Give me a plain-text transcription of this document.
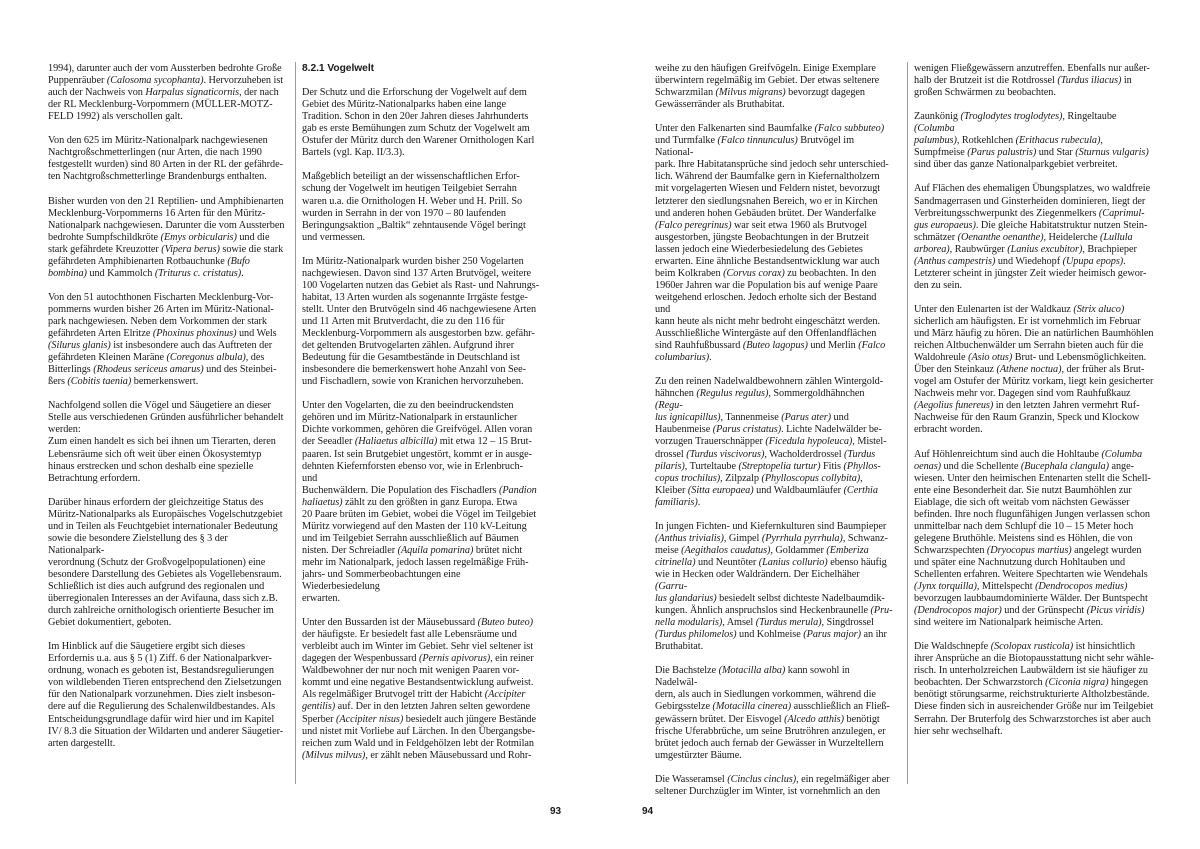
1994), darunter auch der vom Aussterben bedrohte Große
Puppenräuber (Calosoma sycophanta). Hervorzuheben ist
auch der Nachweis von Harpalus signaticornis, der nach
der RL Mecklenburg-Vorpommern (MÜLLER-MOTZ-
FELD 1992) als verschollen galt.

Von den 625 im Müritz-Nationalpark nachgewiesenen
Nachtgroßschmetterlingen (nur Arten, die nach 1990
festgestellt wurden) sind 80 Arten in der RL der gefährde-
ten Nachtgroßschmetterlinge Brandenburgs enthalten.

Bisher wurden von den 21 Reptilien- und Amphibienarten
Mecklenburg-Vorpommerns 16 Arten für den Müritz-
Nationalpark nachgewiesen. Darunter die vom Aussterben
bedrohte Sumpfschildkröte (Emys orbicularis) und die
stark gefährdete Kreuzotter (Vipera berus) sowie die stark
gefährdeten Amphibienarten Rotbauchunke (Bufo
bombina) und Kammolch (Triturus c. cristatus).

Von den 51 autochthonen Fischarten Mecklenburg-Vor-
pommerns wurden bisher 26 Arten im Müritz-National-
park nachgewiesen. Neben dem Vorkommen der stark
gefährdeten Arten Elritze (Phoxinus phoxinus) und Wels
(Silurus glanis) ist insbesondere auch das Auftreten der
gefährdeten Kleinen Maräne (Coregonus albula), des
Bitterlings (Rhodeus sericeus amarus) und des Steinbei-
ßers (Cobitis taenia) bemerkenswert.

Nachfolgend sollen die Vögel und Säugetiere an dieser
Stelle aus verschiedenen Gründen ausführlicher behandelt
werden:
Zum einen handelt es sich bei ihnen um Tierarten, deren
Lebensräume sich oft weit über einen Ökosystemtyp
hinaus erstrecken und schon deshalb eine spezielle
Betrachtung erfordern.

Darüber hinaus erfordern der gleichzeitige Status des
Müritz-Nationalparks als Europäisches Vogelschutzgebiet
und in Teilen als Feuchtgebiet internationaler Bedeutung
sowie die besondere Zielstellung des § 3 der Nationalpark-
verordnung (Schutz der Großvogelpopulationen) eine
besondere Darstellung des Gebietes als Vogellebensraum.
Schließlich ist dies auch aufgrund des regionalen und
überregionalen Interesses an der Avifauna, dass sich z.B.
durch zahlreiche ornithologisch orientierte Besucher im
Gebiet dokumentiert, geboten.

Im Hinblick auf die Säugetiere ergibt sich dieses
Erfordernis u.a. aus § 5 (1) Ziff. 6 der Nationalparkver-
ordnung, wonach es geboten ist, Bestandsregulierungen
von wildlebenden Tieren entsprechend den Zielsetzungen
für den Nationalpark vorzunehmen. Dies zielt insbeson-
dere auf die Regulierung des Schalenwildbestandes. Als
Entscheidungsgrundlage dafür wird hier und im Kapitel
IV/ 8.3 die Situation der Wildarten und anderer Säugetier-
arten dargestellt.

8.2.1 Vogelwelt

Der Schutz und die Erforschung der Vogelwelt auf dem
Gebiet des Müritz-Nationalparks haben eine lange
Tradition. Schon in den 20er Jahren dieses Jahrhunderts
gab es erste Bemühungen zum Schutz der Vogelwelt am
Ostufer der Müritz durch den Warener Ornithologen Karl
Bartels (vgl. Kap. II/3.3).

Maßgeblich beteiligt an der wissenschaftlichen Erfor-
schung der Vogelwelt im heutigen Teilgebiet Serrahn
waren u.a. die Ornithologen H. Weber und H. Prill. So
wurden in Serrahn in der von 1970 – 80 laufenden
Beringungsaktion „Baltik“ zehntausende Vögel beringt
und vermessen.

Im Müritz-Nationalpark wurden bisher 250 Vogelarten
nachgewiesen. Davon sind 137 Arten Brutvögel, weitere
100 Vogelarten nutzen das Gebiet als Rast- und Nahrungs-
habitat, 13 Arten wurden als sogenannte Irrgäste festge-
stellt. Unter den Brutvögeln sind 46 nachgewiesene Arten
und 11 Arten mit Brutverdacht, die zu den 116 für
Mecklenburg-Vorpommern als ausgestorben bzw. gefähr-
det geltenden Brutvogelarten zählen. Aufgrund ihrer
Bedeutung für die Gesamtbestände in Deutschland ist
insbesondere die bemerkenswert hohe Anzahl von See-
und Fischadlern, sowie von Kranichen hervorzuheben.

Unter den Vogelarten, die zu den beeindruckendsten
gehören und im Müritz-Nationalpark in erstaunlicher
Dichte vorkommen, gehören die Greifvögel. Allen voran
der Seeadler (Haliaetus albicilla) mit etwa 12 – 15 Brut-
paaren. Ist sein Brutgebiet ungestört, kommt er in ausge-
dehnten Kiefernforsten ebenso vor, wie in Erlenbruch- und
Buchenwäldern. Die Population des Fischadlers (Pandion
haliaetus) zählt zu den größten in ganz Europa. Etwa
20 Paare brüten im Gebiet, wobei die Vögel im Teilgebiet
Müritz vorwiegend auf den Masten der 110 kV-Leitung
und im Teilgebiet Serrahn ausschließlich auf Bäumen
nisten. Der Schreiadler (Aquila pomarina) brütet nicht
mehr im Nationalpark, jedoch lassen regelmäßige Früh-
jahrs- und Sommerbeobachtungen eine Wiederbesiedelung
erwarten.

Unter den Bussarden ist der Mäusebussard (Buteo buteo)
der häufigste. Er besiedelt fast alle Lebensräume und
verbleibt auch im Winter im Gebiet. Sehr viel seltener ist
dagegen der Wespenbussard (Pernis apivorus), ein reiner
Waldbewohner der nur noch mit wenigen Paaren vor-
kommt und eine negative Bestandsentwicklung aufweist.
Als regelmäßiger Brutvogel tritt der Habicht (Accipiter
gentilis) auf. Der in den letzten Jahren selten gewordene
Sperber (Accipiter nisus) besiedelt auch jüngere Bestände
und nistet mit Vorliebe auf Lärchen. In den Übergangsbe-
reichen zum Wald und in Feldgehölzen lebt der Rotmilan
(Milvus milvus), er zählt neben Mäusebussard und Rohr-

weihe zu den häufigen Greifvögeln. Einige Exemplare
überwintern regelmäßig im Gebiet. Der etwas seltenere
Schwarzmilan (Milvus migrans) bevorzugt dagegen
Gewässerränder als Bruthabitat.

Unter den Falkenarten sind Baumfalke (Falco subbuteo)
und Turmfalke (Falco tinnunculus) Brutvögel im National-
park. Ihre Habitatansprüche sind jedoch sehr unterschied-
lich. Während der Baumfalke gern in Kiefernaltholzern
mit vorgelagerten Wiesen und Feldern nistet, bevorzugt
letzterer den siedlungsnahen Bereich, wo er in Kirchen
und anderen hohen Gebäuden brütet. Der Wanderfalke
(Falco peregrinus) war seit etwa 1960 als Brutvogel
ausgestorben, jüngste Beobachtungen in der Brutzeit
lassen jedoch eine Wiederbesiedelung des Gebietes
erwarten. Eine ähnliche Bestandsentwicklung war auch
beim Kolkraben (Corvus corax) zu beobachten. In den
1960er Jahren war die Population bis auf wenige Paare
weitgehend erloschen. Jedoch erholte sich der Bestand und
kann heute als nicht mehr bedroht eingeschätzt werden.
Ausschließliche Wintergäste auf den Offenlandflächen
sind Rauhfußbussard (Buteo lagopus) und Merlin (Falco
columbarius).

Zu den reinen Nadelwaldbewohnern zählen Wintergold-
hähnchen (Regulus regulus), Sommergoldhähnchen (Regu-
lus ignicapillus), Tannenmeise (Parus ater) und
Haubenmeise (Parus cristatus). Lichte Nadelwälder be-
vorzugen Trauerschnäpper (Ficedula hypoleuca), Mistel-
drossel (Turdus viscivorus), Wacholderdrossel (Turdus
pilaris), Turteltaube (Streptopelia turtur) Fitis (Phyllos-
copus trochilus), Zilpzalp (Phylloscopus collybita),
Kleiber (Sitta europaea) und Waldbaumläufer (Certhia
familiaris).

In jungen Fichten- und Kiefernkulturen sind Baumpieper
(Anthus trivialis), Gimpel (Pyrrhula pyrrhula), Schwanz-
meise (Aegithalos caudatus), Goldammer (Emberiza
citrinella) und Neuntöter (Lanius collurio) ebenso häufig
wie in Hecken oder Waldrändern. Der Eichelhäher (Garru-
lus glandarius) besiedelt selbst dichteste Nadelbaumdik-
kungen. Ähnlich anspruchslos sind Heckenbraunelle (Pru-
nella modularis), Amsel (Turdus merula), Singdrossel
(Turdus philomelos) und Kohlmeise (Parus major) an ihr
Bruthabitat.

Die Bachstelze (Motacilla alba) kann sowohl in Nadelwäl-
dern, als auch in Siedlungen vorkommen, während die
Gebirgsstelze (Motacilla cinerea) ausschließlich an Fließ-
gewässern brütet. Der Eisvogel (Alcedo atthis) benötigt
frische Uferabbrüche, um seine Brutröhren anzulegen, er
brütet jedoch auch fernab der Gewässer in Wurzeltellern
umgestürzter Bäume.

Die Wasseramsel (Cinclus cinclus), ein regelmäßiger aber
seltener Durchzügler im Winter, ist vornehmlich an den

wenigen Fließgewässern anzutreffen. Ebenfalls nur außer-
halb der Brutzeit ist die Rotdrossel (Turdus iliacus) in
großen Schwärmen zu beobachten.

Zaunkönig (Troglodytes troglodytes), Ringeltaube (Columba
palumbus), Rotkehlchen (Erithacus rubecula),
Sumpfmeise (Parus palustris) und Star (Sturnus vulgaris)
sind über das ganze Nationalparkgebiet verbreitet.

Auf Flächen des ehemaligen Übungsplatzes, wo waldfreie
Sandmagerrasen und Ginsterheiden dominieren, liegt der
Verbreitungsschwerpunkt des Ziegenmelkers (Caprimul-
gus europaeus). Die gleiche Habitatstruktur nutzen Stein-
schmätzer (Oenanthe oenanthe), Heidelerche (Lullula
arborea), Raubwürger (Lanius excubitor), Brachpieper
(Anthus campestris) und Wiedehopf (Upupa epops).
Letzterer scheint in jüngster Zeit wieder heimisch gewor-
den zu sein.

Unter den Eulenarten ist der Waldkauz (Strix aluco)
sicherlich am häufigsten. Er ist vornehmlich im Februar
und März häufig zu hören. Die an natürlichen Baumhöhlen
reichen Altbuchenwälder um Serrahn bieten auch für die
Waldohreule (Asio otus) Brut- und Lebensmöglichkeiten.
Über den Steinkauz (Athene noctua), der früher als Brut-
vogel am Ostufer der Müritz vorkam, liegt kein gesicherter
Nachweis mehr vor. Dagegen sind vom Rauhfußkauz
(Aegolius funereus) in den letzten Jahren vermehrt Ruf-
Nachweise für den Raum Granzin, Speck und Klockow
erbracht worden.

Auf Höhlenreichtum sind auch die Hohltaube (Columba
oenas) und die Schellente (Bucephala clangula) ange-
wiesen. Unter den heimischen Entenarten stellt die Schell-
ente eine Besonderheit dar. Sie nutzt Baumhöhlen zur
Eiablage, die sich oft weitab vom nächsten Gewässer
befinden. Ihre noch flugunfähigen Jungen verlassen schon
unmittelbar nach dem Schlupf die 10 – 15 Meter hoch
gelegene Bruthöhle. Meistens sind es Höhlen, die von
Schwarzspechten (Dryocopus martius) angelegt wurden
und später eine Nachnutzung durch Hohltauben und
Schellenten erfahren. Weitere Spechtarten wie Wendehals
(Jynx torquilla), Mittelspecht (Dendrocopos medius)
bevorzugen laubbaumdominierte Wälder. Der Buntspecht
(Dendrocopos major) und der Grünspecht (Picus viridis)
sind weitere im Nationalpark heimische Arten.

Die Waldschnepfe (Scolopax rusticola) ist hinsichtlich
ihrer Ansprüche an die Biotopausstattung nicht sehr wähle-
risch. In unterholzreichen Laubwäldern ist sie häufiger zu
beobachten. Der Schwarzstorch (Ciconia nigra) hingegen
benötigt störungsarme, reichstrukturierte Altholzbestände.
Diese finden sich in ausreichender Größe nur im Teilgebiet
Serrahn. Der Bruterfolg des Schwarzstorches ist aber auch
hier sehr wechselhaft.

93	94
